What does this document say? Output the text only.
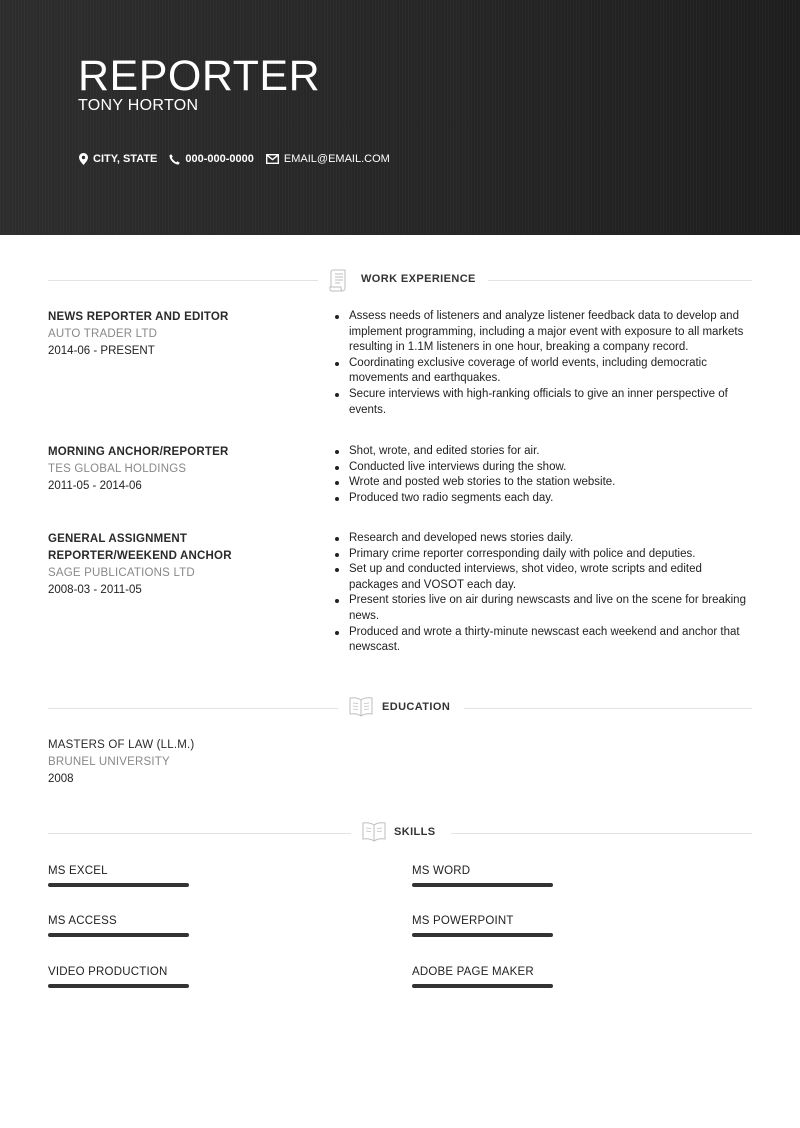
REPORTER
TONY HORTON
CITY, STATE	000-000-0000	EMAIL@EMAIL.COM
WORK EXPERIENCE
NEWS REPORTER AND EDITOR
AUTO TRADER LTD
2014-06 - PRESENT
Assess needs of listeners and analyze listener feedback data to develop and implement programming, including a major event with exposure to all markets resulting in 1.1M listeners in one hour, breaking a company record.
Coordinating exclusive coverage of world events, including democratic movements and earthquakes.
Secure interviews with high-ranking officials to give an inner perspective of events.
MORNING ANCHOR/REPORTER
TES GLOBAL HOLDINGS
2011-05 - 2014-06
Shot, wrote, and edited stories for air.
Conducted live interviews during the show.
Wrote and posted web stories to the station website.
Produced two radio segments each day.
GENERAL ASSIGNMENT REPORTER/WEEKEND ANCHOR
SAGE PUBLICATIONS LTD
2008-03 - 2011-05
Research and developed news stories daily.
Primary crime reporter corresponding daily with police and deputies.
Set up and conducted interviews, shot video, wrote scripts and edited packages and VOSOT each day.
Present stories live on air during newscasts and live on the scene for breaking news.
Produced and wrote a thirty-minute newscast each weekend and anchor that newscast.
EDUCATION
MASTERS OF LAW (LL.M.)
BRUNEL UNIVERSITY
2008
SKILLS
MS EXCEL	MS WORD
MS ACCESS	MS POWERPOINT
VIDEO PRODUCTION	ADOBE PAGE MAKER
